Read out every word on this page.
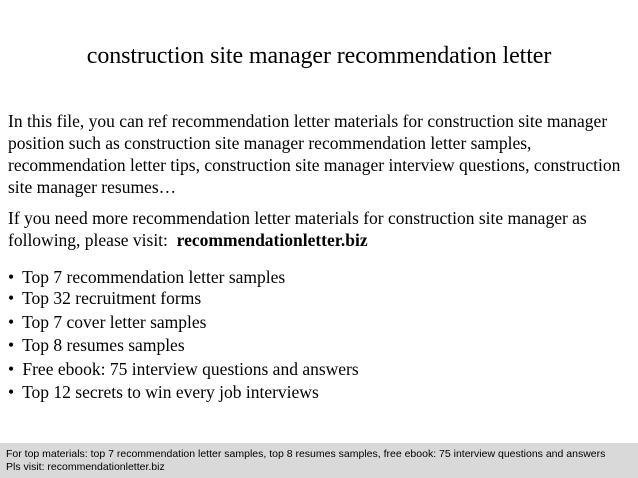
construction site manager recommendation letter
In this file, you can ref recommendation letter materials for construction site manager position such as construction site manager recommendation letter samples, recommendation letter tips, construction site manager interview questions, construction site manager resumes…
If you need more recommendation letter materials for construction site manager as following, please visit: recommendationletter.biz
• Top 7 recommendation letter samples
• Top 32 recruitment forms
• Top 7 cover letter samples
• Top 8 resumes samples
• Free ebook: 75 interview questions and answers
• Top 12 secrets to win every job interviews
For top materials: top 7 recommendation letter samples, top 8 resumes samples, free ebook: 75 interview questions and answers
Pls visit: recommendationletter.biz
